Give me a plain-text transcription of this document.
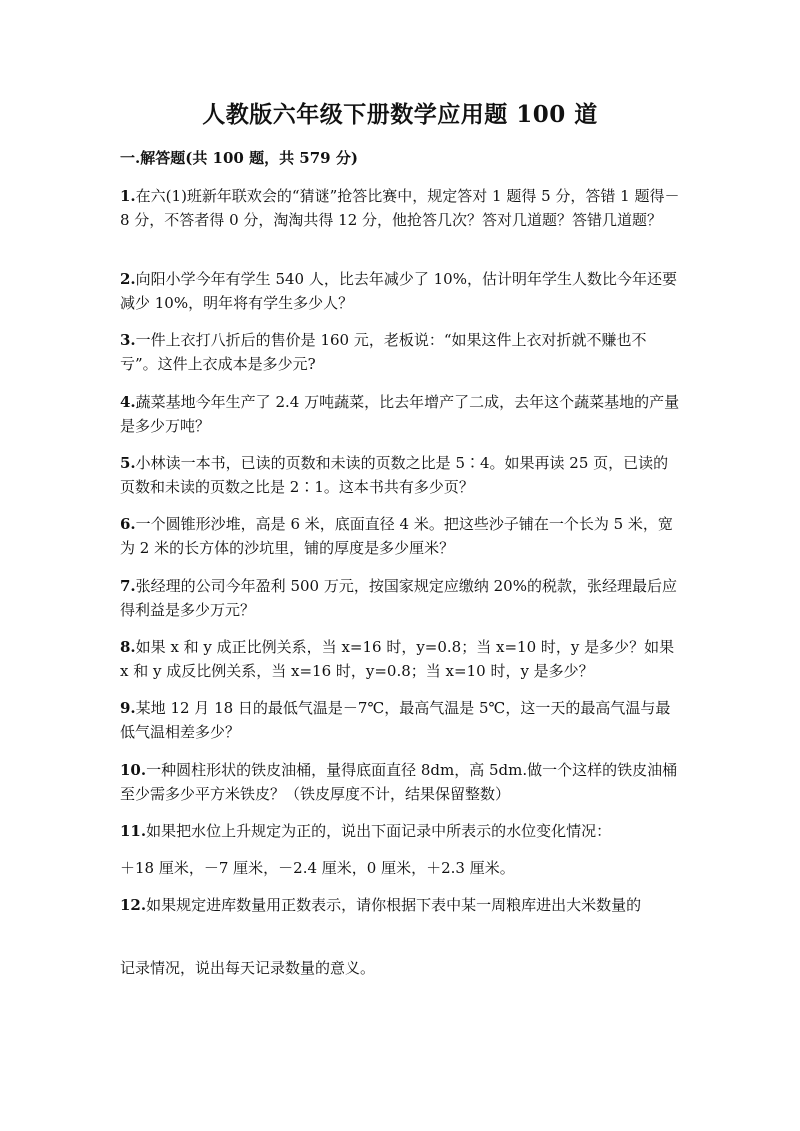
人教版六年级下册数学应用题 100 道
一.解答题(共 100 题，共 579 分)
1.在六(1)班新年联欢会的“猜谜”抢答比赛中，规定答对 1 题得 5 分，答错 1 题得－8 分，不答者得 0 分，淘淘共得 12 分，他抢答几次？答对几道题？答错几道题？
2.向阳小学今年有学生 540 人，比去年减少了 10%，估计明年学生人数比今年还要减少 10%，明年将有学生多少人？
3.一件上衣打八折后的售价是 160 元，老板说：“如果这件上衣对折就不赚也不亏”。这件上衣成本是多少元?
4.蔬菜基地今年生产了 2.4 万吨蔬菜，比去年增产了二成，去年这个蔬菜基地的产量是多少万吨？
5.小林读一本书，已读的页数和未读的页数之比是 5∶4。如果再读 25 页，已读的页数和未读的页数之比是 2∶1。这本书共有多少页？
6.一个圆锥形沙堆，高是 6 米，底面直径 4 米。把这些沙子铺在一个长为 5 米，宽为 2 米的长方体的沙坑里，铺的厚度是多少厘米？
7.张经理的公司今年盈利 500 万元，按国家规定应缴纳 20%的税款，张经理最后应得利益是多少万元？
8.如果 x 和 y 成正比例关系，当 x=16 时，y=0.8；当 x=10 时，y 是多少？如果 x 和 y 成反比例关系，当 x=16 时，y=0.8；当 x=10 时，y 是多少？
9.某地 12 月 18 日的最低气温是－7℃，最高气温是 5℃，这一天的最高气温与最低气温相差多少？
10.一种圆柱形状的铁皮油桶，量得底面直径 8dm，高 5dm.做一个这样的铁皮油桶至少需多少平方米铁皮？（铁皮厚度不计，结果保留整数）
11.如果把水位上升规定为正的，说出下面记录中所表示的水位变化情况：
＋18 厘米，－7 厘米，－2.4 厘米，0 厘米，＋2.3 厘米。
12.如果规定进库数量用正数表示，请你根据下表中某一周粮库进出大米数量的
记录情况，说出每天记录数量的意义。
